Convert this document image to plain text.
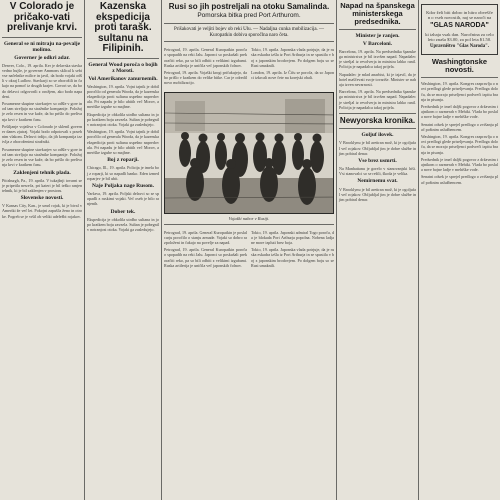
V Colorado je pričako-vati prelivanje krvi.
General se ni mitraju na-pevalje molimo.
Governer je odkri adar.

Denver, Colo., 19. aprila. Ker je delavska stavka vedno hujše, je governer Ammons sklical k sebi vse načelnike milice in javil, da bodo vojaki odšli v okraj Ludlow. Stavkarji so se oborožili in čakajo na pomoč iz drugih krajev. Govori se, da bodo delavci odgovorili z orožjem, ako bodo napadeni.

Posamezne skupine stavkarjev so odšle v gore in od tam streljajo na stražnike kompanije. Položaj je zelo resen in vse kaže, da bo prišlo do prelivanja krvi v kratkem času.

Pošiljanje vojaštva v Colorado je sklenil governer danes zjutraj. Vojaki bodo odpotovali s posebnim vlakom. Delavci trdijo, da jih kompanija izzivlja z oboroženimi stražniki.

Posamezne skupine stavkarjev so odšle v gore in od tam streljajo na stražnike kompanije. Položaj je zelo resen in vse kaže, da bo prišlo do prelivanja krvi v kratkem času.

Zaklenjeni tehnik plada.

Pittsburgh, Pa., 19. aprila. V tukajšnji tovarni se je pripetila nesreča, pri kateri je bil težko ranjen tehnik, ki je bil zaklenjen v prostoru.

Slovenske novosti.

V Kansas City, Kan., je umrl rojak, ki je bival v Ameriki že več let. Pokojni zapušča ženo in otroke. Pogreb se je vršil ob veliki udeležbi rojakov.

Kazenska ekspedicija proti tarašk. sultanu na Filipinih.
General Wood poroča o bojih z Moroti.
Vol Amerikanov zanurnemih.

Washington, 19. aprila. Vojni tajnik je dobil poročilo od generala Wooda, da je kazenska ekspedicija proti sultanu uspešno napredovala. Pri napadu je bilo ubitih več Morov, ameriške izgube so majhne.

Ekspedicija je obkolila utrdbo sultana in jo po kratkem boju zavzela. Sultan je pobegnil v notranjost otoka. Vojaki ga zasledujejo.

Washington, 19. aprila. Vojni tajnik je dobil poročilo od generala Wooda, da je kazenska ekspedicija proti sultanu uspešno napredovala. Pri napadu je bilo ubitih več Morov, ameriške izgube so majhne.

Boj z roparji.

Chicago, Ill., 19. aprila. Policija je imela boj z roparji, ki so napadli banko. Eden izmed roparjev je bil ubit.

Naje Poljaka nage Rusom.

Varšava, 19. aprila. Poljski delavci so se spopadli z ruskimi vojaki. Več oseb je bilo ranjenih.

Dober tek.

Ekspedicija je obkolila utrdbo sultana in jo po kratkem boju zavzela. Sultan je pobegnil v notranjost otoka. Vojaki ga zasledujejo.

Rusi so jih postreljali na otoku Samalinda.
Pomorska bitka pred Port Arthurom.
Prišakovati je veljiti bojev ob reki Ulu. — Nadaljna cunka mobilizacija. — Kuropatkin dobiva sporočlna naro četa.

Petrograd, 19. aprila. General Kuropatkin poroča o spopadih na reki Jalu. Japonci so poskušali prekoračiti reko, pa so bili odbiti z velikimi izgubami. Ruska artilerija je uničila več japonskih čolnov.

Petrograd, 19. aprila. Vojaški krogi pričakujejo, da bo prišlo v kratkem do velike bitke. Car je odredil novo mobilizacijo.

Tokio, 19. aprila. Japonska vlada potrjuje, da je ruska eskadra izšla iz Port Arthurja in se spustila v boj z japonskim brodovjem. Po dolgem boju so se Rusi umaknili.

London, 19. aprila. Iz Čifu se poroča, da so Japonci izkrcali nove čete na korejski obali.

Vojaški nabor v Rusiji.

Petrograd, 19. aprila. General Kuropatkin je poslal carju poročilo o stanju armade. Vojaki so dobro razpoloženi in čakajo na povelje za napad.

Petrograd, 19. aprila. General Kuropatkin poroča o spopadih na reki Jalu. Japonci so poskušali prekoračiti reko, pa so bili odbiti z velikimi izgubami. Ruska artilerija je uničila več japonskih čolnov.

Tokio, 19. aprila. Japonski admiral Togo poroča, da je blokada Port Arthurja popolna. Nobena ladja ne more izpluti brez boja.

Tokio, 19. aprila. Japonska vlada potrjuje, da je ruska eskadra izšla iz Port Arthurja in se spustila v boj z japonskim brodovjem. Po dolgem boju so se Rusi umaknili.

Napad na španskega ministerskega predsednika.
Minister je ranjen.
V Barceloni.

Barcelona, 19. aprila. Na predsednika španskega ministrstva je bil izvršen napad. Napadalec je streljal iz revolverja in ministra lahko ranil. Policija je napadalca takoj prijela.

Napadalec je mlad anarhist, ki je izjavil, da je hotel maščevati svoje tovariše. Minister se nahaja izven nevarnosti.

Barcelona, 19. aprila. Na predsednika španskega ministrstva je bil izvršen napad. Napadalec je streljal iz revolverja in ministra lahko ranil. Policija je napadalca takoj prijela.

Newyorska kronika.
Goljuf ilovek.

V Brooklynu je bil aretiran mož, ki je ogoljufal več rojakov. Obljubljal jim je dobre službe in jim pobiral denar.

Vse brez usmrti.

Na Manhattanu je gorelo v stanovanjski hiši. Vsi stanovalci so se rešili, škoda je velika.

Nemirnemu svat.

V Brooklynu je bil aretiran mož, ki je ogoljufal več rojakov. Obljubljal jim je dobre službe in jim pobiral denar.

Kdor želi biti dobro in hitro obveščen o vseh novostih, naj se naroči na
"GLAS NARODA"
ki izhaja vsak dan. Naročnina za celo leto znaša $3.00, za pol leta $1.50.
Upravništvo "Glas Naroda".
Washingtonske novosti.

Washington, 19. aprila. Kongres razpravlja o novi predlogi glede priseljevanja. Predloga določa, da se morajo priseljenci podvreči izpitu branja in pisanja.

Predsednik je imel daljši pogovor z državnim tajnikom o razmerah v Mehiki. Vlada bo poslala nove bojne ladje v mehiške vode.

Senatni odsek je sprejel predlogo o zvišanju plač poštnim uslužbencem.

Washington, 19. aprila. Kongres razpravlja o novi predlogi glede priseljevanja. Predloga določa, da se morajo priseljenci podvreči izpitu branja in pisanja.

Predsednik je imel daljši pogovor z državnim tajnikom o razmerah v Mehiki. Vlada bo poslala nove bojne ladje v mehiške vode.

Senatni odsek je sprejel predlogo o zvišanju plač poštnim uslužbencem.
